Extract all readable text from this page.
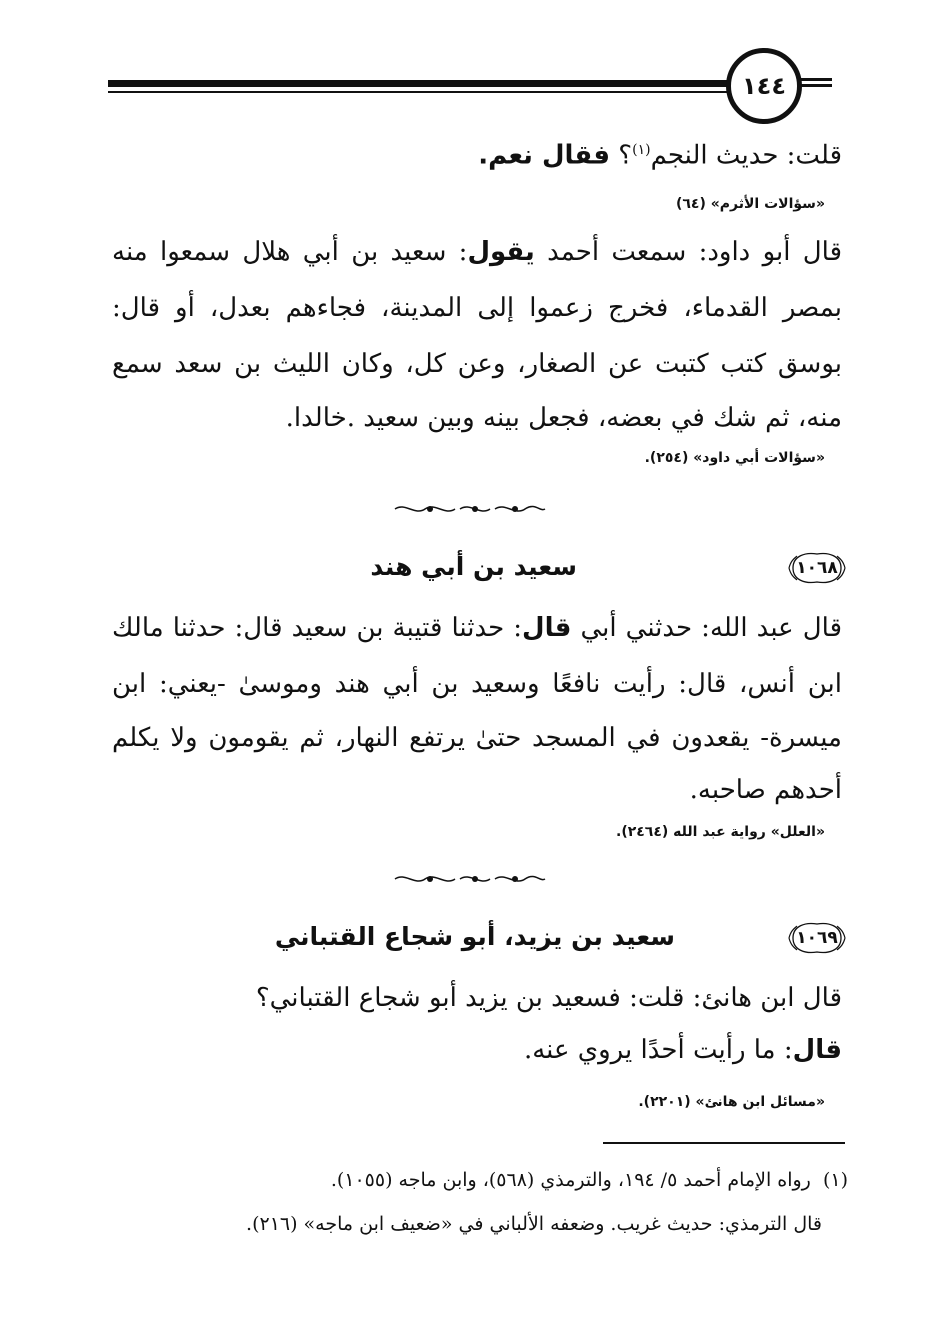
١٤٤
قلت: حديث النجم$^{(١)}$؟ فقال نعم.
«سؤالات الأثرم» (٦٤)
قال أبو داود: سمعت أحمد يقول: سعيد بن أبي هلال سمعوا منه
بمصر القدماء، فخرج زعموا إلى المدينة، فجاءهم بعدل، أو قال:
بوسق كتب كتبت عن الصغار، وعن كل، وكان الليث بن سعد سمع
منه، ثم شك في بعضه، فجعل بينه وبين سعيد .خالدا.
«سؤالات أبي داود» (٢٥٤).
١٠٦٨
سعيد بن أبي هند
قال عبد الله: حدثني أبي قال: حدثنا قتيبة بن سعيد قال: حدثنا مالك
ابن أنس، قال: رأيت نافعًا وسعيد بن أبي هند وموسىٰ -يعني: ابن
ميسرة- يقعدون في المسجد حتىٰ يرتفع النهار، ثم يقومون ولا يكلم
أحدهم صاحبه.
«العلل» رواية عبد الله (٢٤٦٤).
١٠٦٩
سعيد بن يزيد، أبو شجاع القتباني
قال ابن هانئ: قلت: فسعيد بن يزيد أبو شجاع القتباني؟
قال: ما رأيت أحدًا يروي عنه.
«مسائل ابن هانئ» (٢٢٠١).
(١)  رواه الإمام أحمد ٥/ ١٩٤، والترمذي (٥٦٨)، وابن ماجه (١٠٥٥).
قال الترمذي: حديث غريب. وضعفه الألباني في «ضعيف ابن ماجه» (٢١٦).
